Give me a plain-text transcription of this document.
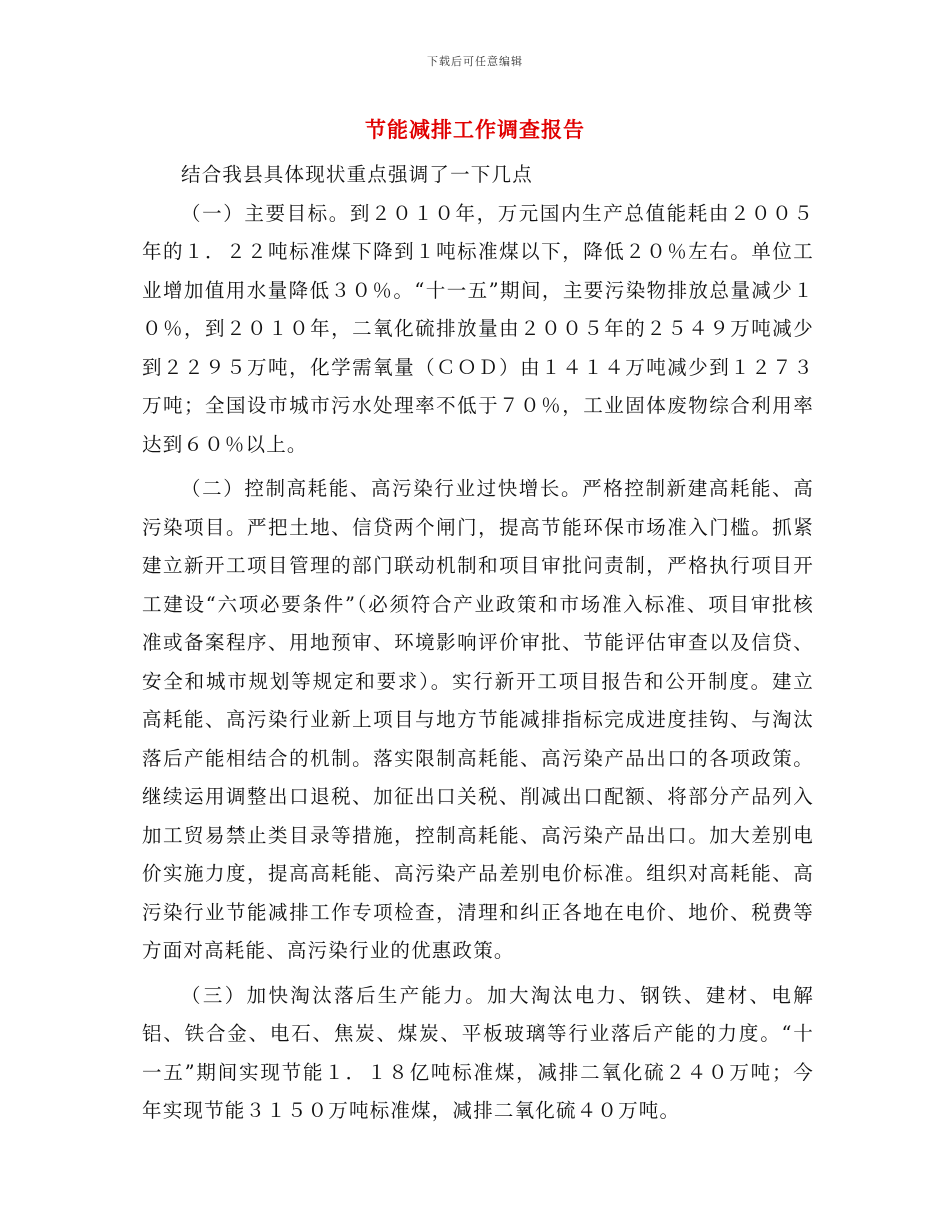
下载后可任意编辑
节能减排工作调查报告

结合我县具体现状重点强调了一下几点

（一）主要目标。到２０１０年，万元国内生产总值能耗由２００５年的１．２２吨标准煤下降到１吨标准煤以下，降低２０％左右。单位工业增加值用水量降低３０％。“十一五”期间，主要污染物排放总量减少１０％，到２０１０年，二氧化硫排放量由２００５年的２５４９万吨减少到２２９５万吨，化学需氧量（ＣＯＤ）由１４１４万吨减少到１２７３万吨；全国设市城市污水处理率不低于７０％，工业固体废物综合利用率达到６０％以上。

（二）控制高耗能、高污染行业过快增长。严格控制新建高耗能、高污染项目。严把土地、信贷两个闸门，提高节能环保市场准入门槛。抓紧建立新开工项目管理的部门联动机制和项目审批问责制，严格执行项目开工建设“六项必要条件”（必须符合产业政策和市场准入标准、项目审批核准或备案程序、用地预审、环境影响评价审批、节能评估审查以及信贷、安全和城市规划等规定和要求）。实行新开工项目报告和公开制度。建立高耗能、高污染行业新上项目与地方节能减排指标完成进度挂钩、与淘汰落后产能相结合的机制。落实限制高耗能、高污染产品出口的各项政策。继续运用调整出口退税、加征出口关税、削减出口配额、将部分产品列入加工贸易禁止类目录等措施，控制高耗能、高污染产品出口。加大差别电价实施力度，提高高耗能、高污染产品差别电价标准。组织对高耗能、高污染行业节能减排工作专项检查，清理和纠正各地在电价、地价、税费等方面对高耗能、高污染行业的优惠政策。

（三）加快淘汰落后生产能力。加大淘汰电力、钢铁、建材、电解铝、铁合金、电石、焦炭、煤炭、平板玻璃等行业落后产能的力度。“十一五”期间实现节能１．１８亿吨标准煤，减排二氧化硫２４０万吨；今年实现节能３１５０万吨标准煤，减排二氧化硫４０万吨。
